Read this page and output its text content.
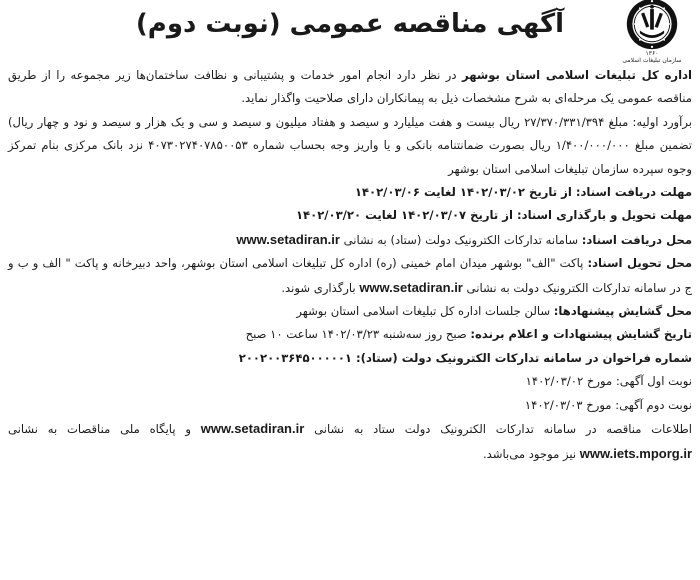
۱۳۶۰
سازمان تبلیغات اسلامی
آگهی مناقصه عمومی (نوبت دوم)

اداره کل تبلیغات اسلامی استان بوشهر در نظر دارد انجام امور خدمات و پشتیبانی و نظافت ساختمان‌ها زیر مجموعه را از طریق مناقصه عمومی یک مرحله‌ای به شرح مشخصات ذیل به پیمانکاران دارای صلاحیت واگذار نماید.

برآورد اولیه: مبلغ ۲۷/۳۷۰/۳۳۱/۳۹۴ ریال بیست و هفت میلیارد و سیصد و هفتاد میلیون و سیصد و سی و یک هزار و سیصد و نود و چهار ریال) تضمین مبلغ ۱/۴۰۰/۰۰۰/۰۰۰ ریال بصورت ضمانتنامه بانکی و یا واریز وجه بحساب شماره ۴۰۷۳۰۲۷۴۰۷۸۵۰۰۵۳ نزد بانک مرکزی بنام تمرکز وجوه سپرده سازمان تبلیغات اسلامی استان بوشهر

مهلت دریافت اسناد: از تاریخ ۱۴۰۲/۰۳/۰۲ لغایت ۱۴۰۲/۰۳/۰۶

مهلت تحویل و بارگذاری اسناد: از تاریخ ۱۴۰۲/۰۳/۰۷ لغایت ۱۴۰۲/۰۳/۲۰

محل دریافت اسناد: سامانه تدارکات الکترونیک دولت (ستاد) به نشانی www.setadiran.ir

محل تحویل اسناد: پاکت "الف" بوشهر میدان امام خمینی (ره) اداره کل تبلیغات اسلامی استان بوشهر، واحد دبیرخانه و پاکت " الف و ب و ج در سامانه تدارکات الکترونیک دولت به نشانی www.setadiran.ir بارگذاری شوند.

محل گشایش پیشنهادها: سالن جلسات اداره کل تبلیغات اسلامی استان بوشهر

تاریخ گشایش پیشنهادات و اعلام برنده: صبح روز سه‌شنبه ۱۴۰۲/۰۳/۲۳ ساعت ۱۰ صبح

شماره فراخوان در سامانه تدارکات الکترونیک دولت (ستاد): ۲۰۰۲۰۰۳۶۴۵۰۰۰۰۰۱

نوبت اول آگهی: مورخ ۱۴۰۲/۰۳/۰۲

نوبت دوم آگهی: مورخ ۱۴۰۲/۰۳/۰۳

اطلاعات مناقصه در سامانه تدارکات الکترونیک دولت ستاد به نشانی www.setadiran.ir و پایگاه ملی مناقصات به نشانی www.iets.mporg.ir نیز موجود می‌باشد.
